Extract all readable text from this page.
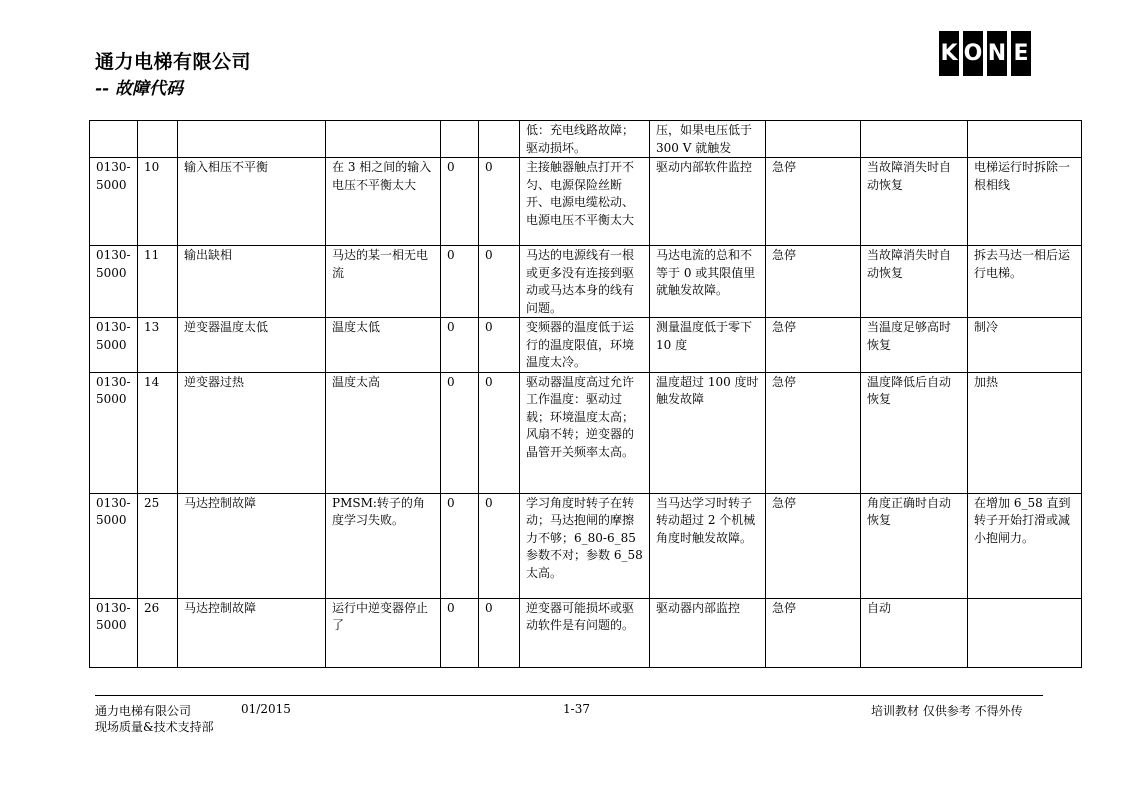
通力电梯有限公司
-- 故障代码
K O N E
						低：充电线路故障；驱动损坏。	压，如果电压低于 300 V 就触发			
0130-5000	10	输入相压不平衡	在 3 相之间的输入电压不平衡太大	0	0	主接触器触点打开不匀、电源保险丝断开、电源电缆松动、电源电压不平衡太大	驱动内部软件监控	急停	当故障消失时自动恢复	电梯运行时拆除一根相线
0130-5000	11	输出缺相	马达的某一相无电流	0	0	马达的电源线有一根或更多没有连接到驱动或马达本身的线有问题。	马达电流的总和不等于 0 或其限值里就触发故障。	急停	当故障消失时自动恢复	拆去马达一相后运行电梯。
0130-5000	13	逆变器温度太低	温度太低	0	0	变频器的温度低于运行的温度限值，环境温度太冷。	测量温度低于零下 10 度	急停	当温度足够高时恢复	制冷
0130-5000	14	逆变器过热	温度太高	0	0	驱动器温度高过允许工作温度：驱动过载；环境温度太高；风扇不转；逆变器的晶管开关频率太高。	温度超过 100 度时触发故障	急停	温度降低后自动恢复	加热
0130-5000	25	马达控制故障	PMSM:转子的角度学习失败。	0	0	学习角度时转子在转动；马达抱闸的摩擦力不够；6_80-6_85 参数不对；参数 6_58 太高。	当马达学习时转子转动超过 2 个机械角度时触发故障。	急停	角度正确时自动恢复	在增加 6_58 直到转子开始打滑或减小抱闸力。
0130-5000	26	马达控制故障	运行中逆变器停止了	0	0	逆变器可能损坏或驱动软件是有问题的。	驱动器内部监控	急停	自动	
通力电梯有限公司	01/2015	1-37	培训教材 仅供参考 不得外传
现场质量&技术支持部
